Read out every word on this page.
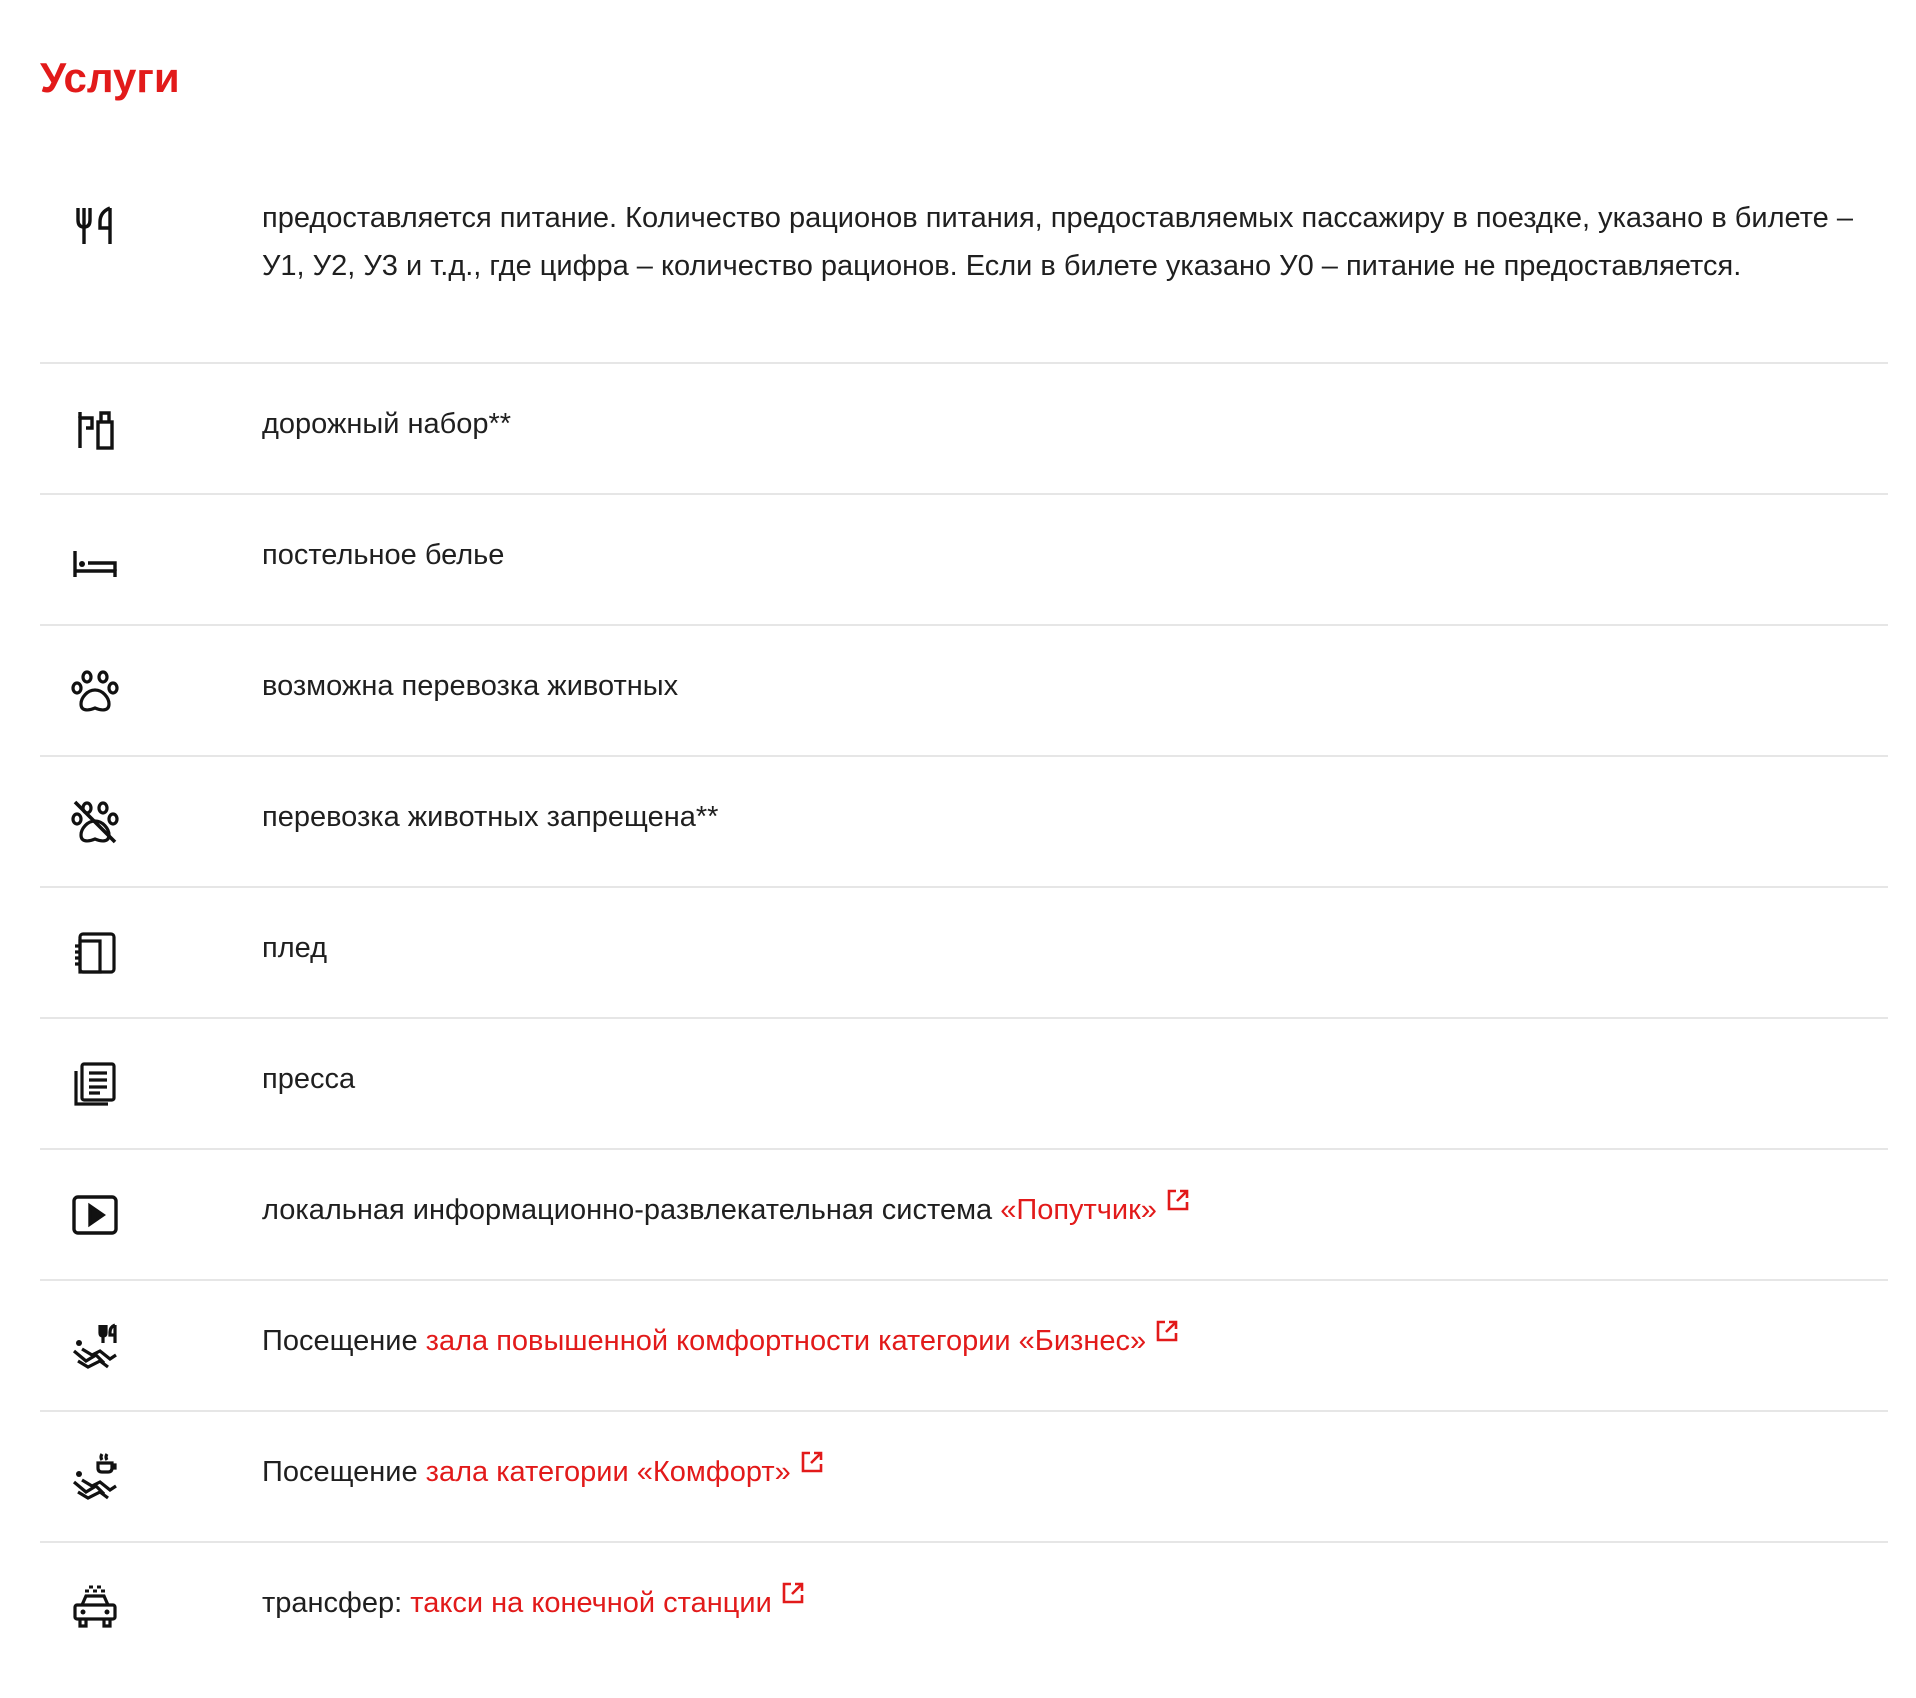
Услуги
предоставляется питание. Количество рационов питания, предоставляемых пассажиру в поездке, указано в билете – У1, У2, У3 и т.д., где цифра – количество рационов. Если в билете указано У0 – питание не предоставляется.
дорожный набор**
постельное белье
возможна перевозка животных
перевозка животных запрещена**
плед
пресса
локальная информационно-развлекательная система «Попутчик»
Посещение зала повышенной комфортности категории «Бизнес»
Посещение зала категории «Комфорт»
трансфер: такси на конечной станции
